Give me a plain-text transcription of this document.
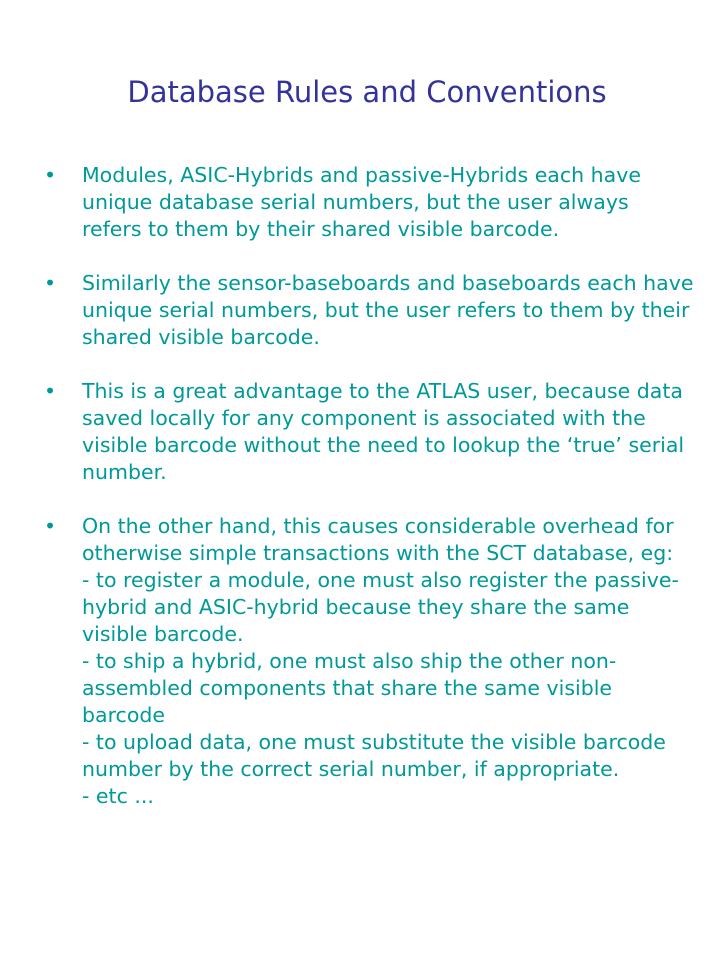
Database Rules and Conventions
•	Modules, ASIC-Hybrids and passive-Hybrids each have unique database serial numbers, but the user always refers to them by their shared visible barcode.
•	Similarly the sensor-baseboards and baseboards each have unique serial numbers, but the user refers to them by their shared visible barcode.
•	This is a great advantage to the ATLAS user, because data saved locally for any component is associated with the visible barcode without the need to lookup the ‘true’ serial number.
•	On the other hand, this causes considerable overhead for otherwise simple transactions with the SCT database, eg:
- to register a module, one must also register the passive-hybrid and ASIC-hybrid because they share the same visible barcode.
- to ship a hybrid, one must also ship the other non-assembled components that share the same visible barcode
- to upload data, one must substitute the visible barcode number by the correct serial number, if appropriate.
- etc ...
